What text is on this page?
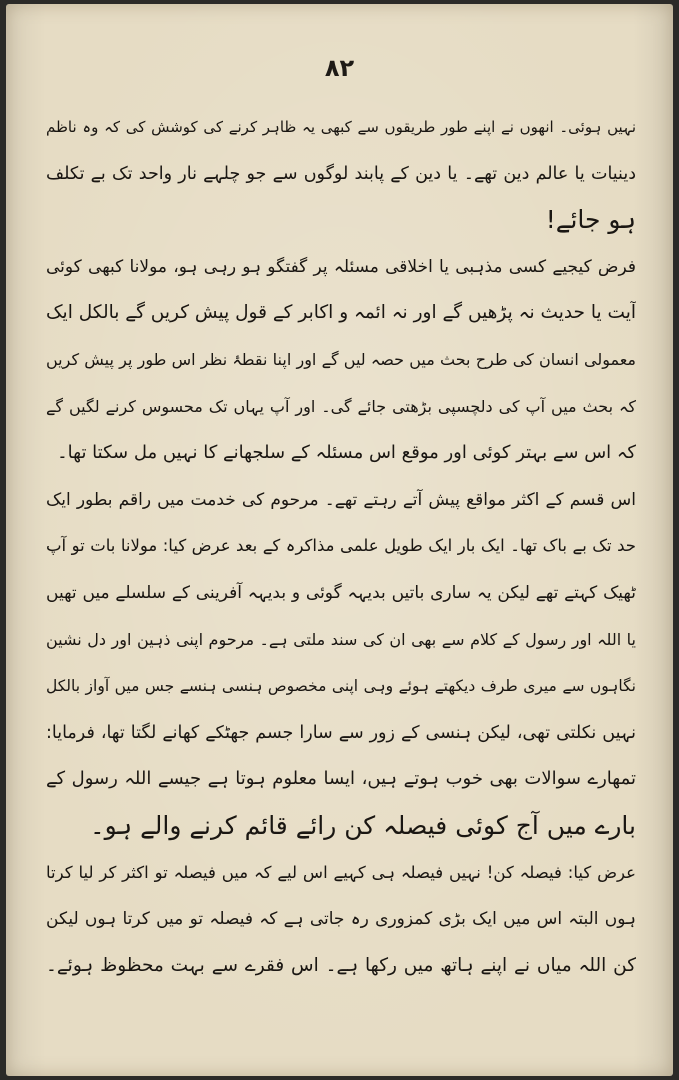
۸۲
نہیں ہوئی۔ انھوں نے اپنے طور طریقوں سے کبھی یہ ظاہر کرنے کی کوشش کی کہ وہ ناظم
دینیات یا عالم دین تھے۔ یا دین کے پابند لوگوں سے جو چلہے نار واحد تک بے تکلف
ہو جائے!
فرض کیجیے کسی مذہبی یا اخلاقی مسئلہ پر گفتگو ہو رہی ہو، مولانا کبھی کوئی
آیت یا حدیث نہ پڑھیں گے اور نہ ائمہ و اکابر کے قول پیش کریں گے بالکل ایک
معمولی انسان کی طرح بحث میں حصہ لیں گے اور اپنا نقطۂ نظر اس طور پر پیش کریں
کہ بحث میں آپ کی دلچسپی بڑھتی جائے گی۔ اور آپ یہاں تک محسوس کرنے لگیں گے
کہ اس سے بہتر کوئی اور موقع اس مسئلہ کے سلجھانے کا نہیں مل سکتا تھا۔
اس قسم کے اکثر مواقع پیش آتے رہتے تھے۔ مرحوم کی خدمت میں راقم بطور ایک
حد تک بے باک تھا۔ ایک بار ایک طویل علمی مذاکرہ کے بعد عرض کیا: مولانا بات تو آپ
ٹھیک کہتے تھے لیکن یہ ساری باتیں بدیہہ گوئی و بدیہہ آفرینی کے سلسلے میں تھیں
یا اللہ اور رسول کے کلام سے بھی ان کی سند ملتی ہے۔ مرحوم اپنی ذہین اور دل نشین
نگاہوں سے میری طرف دیکھتے ہوئے وہی اپنی مخصوص ہنسی ہنسے جس میں آواز بالکل
نہیں نکلتی تھی، لیکن ہنسی کے زور سے سارا جسم جھٹکے کھانے لگتا تھا، فرمایا:
تمھارے سوالات بھی خوب ہوتے ہیں، ایسا معلوم ہوتا ہے جیسے اللہ رسول کے
بارے میں آج کوئی فیصلہ کن رائے قائم کرنے والے ہو۔
عرض کیا: فیصلہ کن! نہیں فیصلہ ہی کہیے اس لیے کہ میں فیصلہ تو اکثر کر لیا کرتا
ہوں البتہ اس میں ایک بڑی کمزوری رہ جاتی ہے کہ فیصلہ تو میں کرتا ہوں لیکن
کن اللہ میاں نے اپنے ہاتھ میں رکھا ہے۔ اس فقرے سے بہت محظوظ ہوئے۔
